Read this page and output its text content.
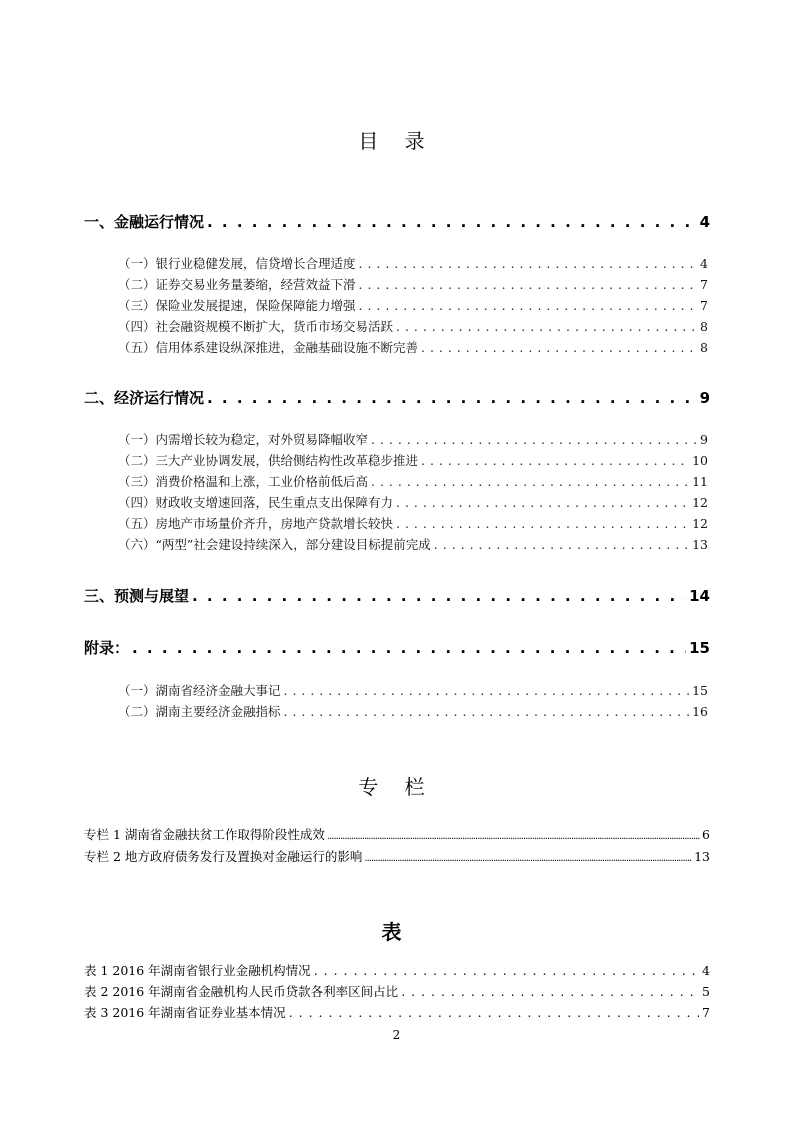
目 录
一、金融运行情况 . . .	4
（一）银行业稳健发展，信贷增长合理适度 . . .	4
（二）证券交易业务量萎缩，经营效益下滑 . . .	7
（三）保险业发展提速，保险保障能力增强 . . .	7
（四）社会融资规模不断扩大，货币市场交易活跃 . . .	8
（五）信用体系建设纵深推进，金融基础设施不断完善 . . .	8
二、经济运行情况 . . .	9
（一）内需增长较为稳定，对外贸易降幅收窄 . . .	9
（二）三大产业协调发展，供给侧结构性改革稳步推进 . . .	10
（三）消费价格温和上涨，工业价格前低后高 . . .	11
（四）财政收支增速回落，民生重点支出保障有力 . . .	12
（五）房地产市场量价齐升，房地产贷款增长较快 . . .	12
（六）“两型”社会建设持续深入，部分建设目标提前完成 . . .	13
三、预测与展望 . . .	14
附录： . . .	15
（一）湖南省经济金融大事记 . . .	15
（二）湖南主要经济金融指标 . . .	16
专 栏
专栏 1 湖南省金融扶贫工作取得阶段性成效 .....	6
专栏 2 地方政府债务发行及置换对金融运行的影响 .....	13
表
表 1 2016 年湖南省银行业金融机构情况 . . .	4
表 2 2016 年湖南省金融机构人民币贷款各利率区间占比 . . .	5
表 3 2016 年湖南省证券业基本情况 . . .	7
2
